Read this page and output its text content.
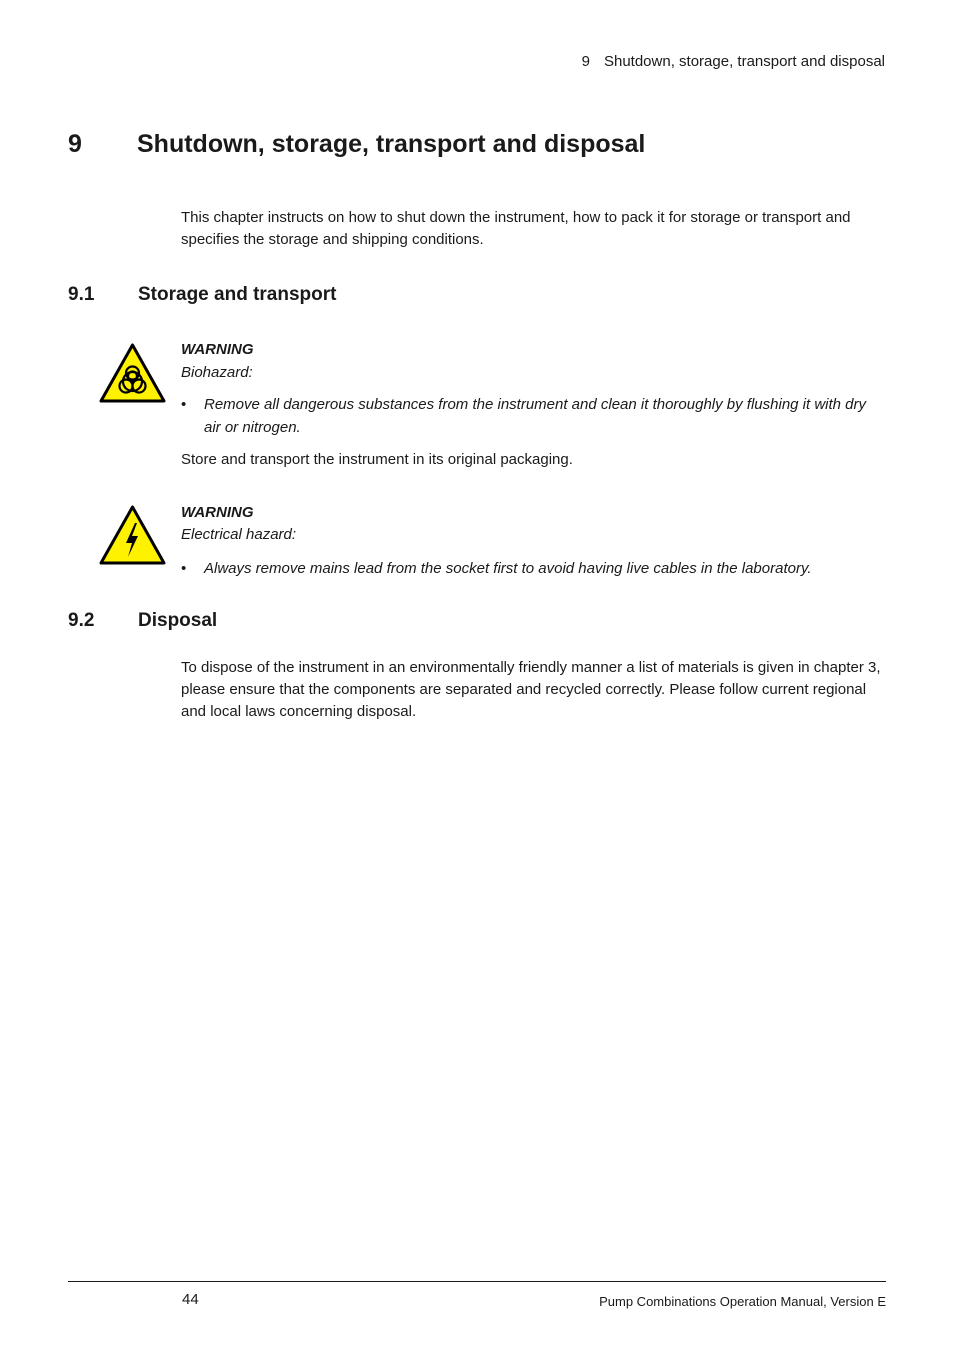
9 Shutdown, storage, transport and disposal
9 Shutdown, storage, transport and disposal

This chapter instructs on how to shut down the instrument, how to pack it for storage or transport and specifies the storage and shipping conditions.

9.1 Storage and transport
WARNING
Biohazard:
• Remove all dangerous substances from the instrument and clean it thoroughly by flushing it with dry air or nitrogen.

Store and transport the instrument in its original packaging.

WARNING
Electrical hazard:
• Always remove mains lead from the socket first to avoid having live cables in the laboratory.
9.2 Disposal

To dispose of the instrument in an environmentally friendly manner a list of materials is given in chapter 3, please ensure that the components are separated and recycled correctly. Please follow current regional and local laws concerning disposal.

44	Pump Combinations Operation Manual, Version E
